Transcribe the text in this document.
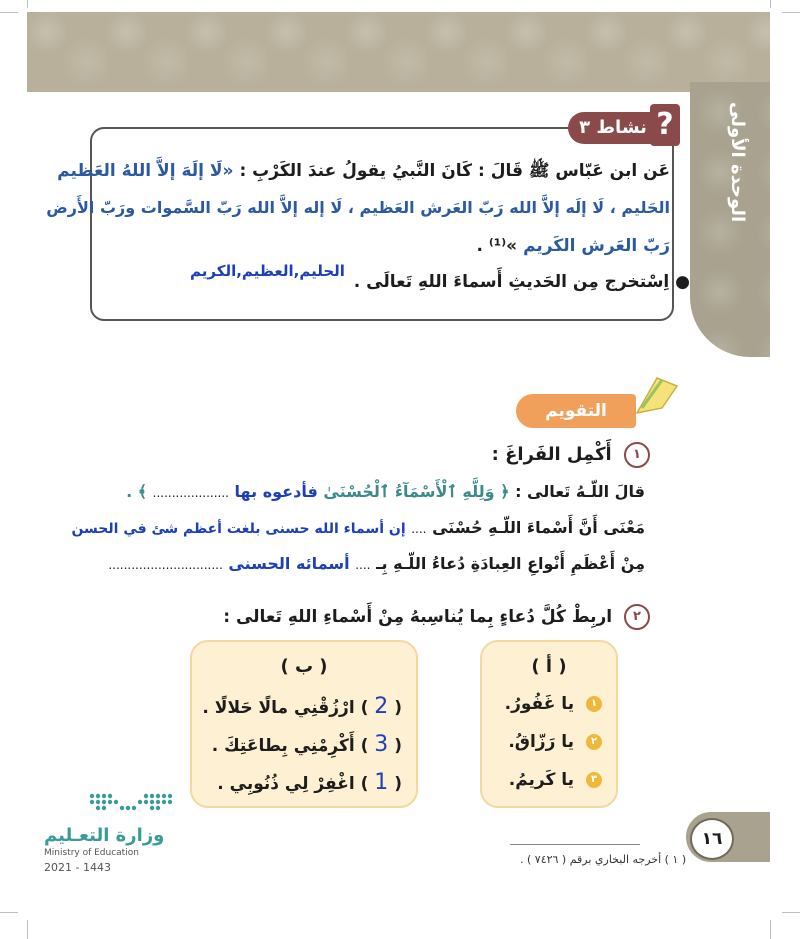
الوحدة الأولى
نشاط ٣ ?
عَن ابن عَبّاس ﷺ قَالَ : كَانَ النَّبيُ يقولُ عندَ الكَرْبِ : «لَا إلَهَ إلاَّ اللهُ العَظيم
الحَليم ، لَا إلَه إلاَّ الله رَبّ العَرش العَظيم ، لَا إله إلاَّ الله رَبّ السَّموات ورَبّ الأَرض
رَبّ العَرش الكَريم »⁽¹⁾ .
● اِسْتخرج مِن الحَديثِ أَسماءَ اللهِ تَعالَى .
الحليم,العظيم,الكريم
التقويم
١ أَكْمِل الفَراغَ :
قالَ اللّـهُ تَعالى : ﴿ وَلِلَّهِ ٱلْأَسْمَآءُ ٱلْحُسْنَىٰ فأدعوه بها .................... ﴾ .
مَعْنَى أَنَّ أَسْماءَ اللّـهِ حُسْنَى .... إن أسماء الله حسنى بلغت أعظم شئ في الحسن
مِنْ أَعْظَمِ أَنْواعِ العِبادَةِ دُعاءُ اللّـهِ بِـ .... أسمائه الحسنى ..............................
٢ اربِطْ كُلَّ دُعاءٍ بِما يُناسِبهُ مِنْ أَسْماءِ اللهِ تَعالى :
( أ )
١ يا غَفُورُ.
٢ يا رَزّاقُ.
٣ يا كَريمُ.
( ب )
( 2 ) ارْزُقْنِي مالًا حَلالًا .
( 3 ) أَكْرِمْنِي بِطاعَتِكَ .
( 1 ) اغْفِرْ لِي ذُنُوبِي .
وزارة التعـليم
Ministry of Education
2021 - 1443
( ١ ) أخرجه البخاري برقم ( ٧٤٢٦ ) .
١٦
